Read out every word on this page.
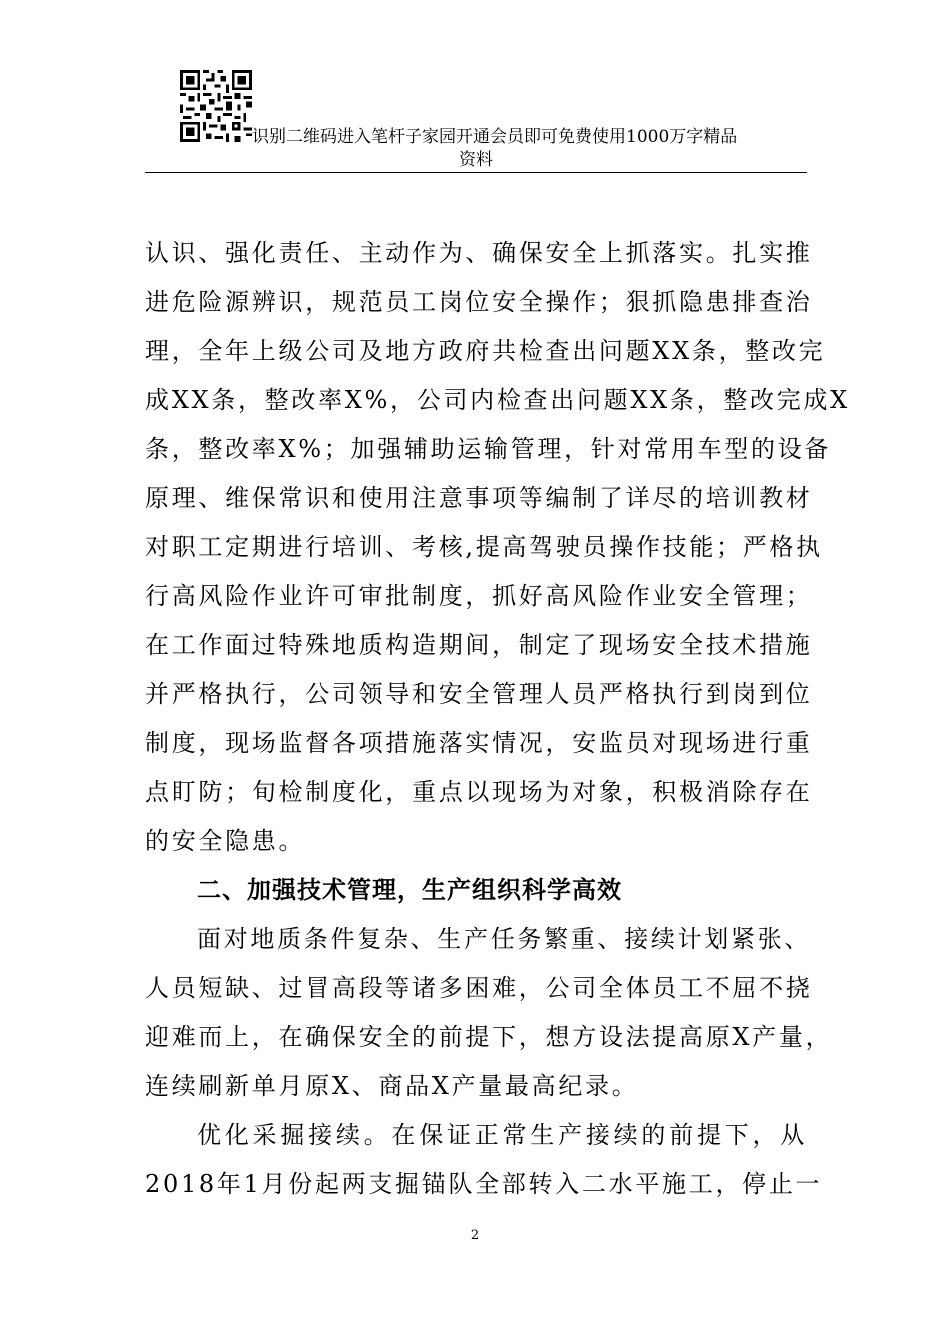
识别二维码进入笔杆子家园开通会员即可免费使用1000万字精品
资料
认识、强化责任、主动作为、确保安全上抓落实。扎实推
进危险源辨识，规范员工岗位安全操作；狠抓隐患排查治
理，全年上级公司及地方政府共检查出问题XX条，整改完
成XX条，整改率X%，公司内检查出问题XX条，整改完成X
条，整改率X%；加强辅助运输管理，针对常用车型的设备
原理、维保常识和使用注意事项等编制了详尽的培训教材
对职工定期进行培训、考核,提高驾驶员操作技能；严格执
行高风险作业许可审批制度，抓好高风险作业安全管理；
在工作面过特殊地质构造期间，制定了现场安全技术措施
并严格执行，公司领导和安全管理人员严格执行到岗到位
制度，现场监督各项措施落实情况，安监员对现场进行重
点盯防；旬检制度化，重点以现场为对象，积极消除存在
的安全隐患。
二、加强技术管理，生产组织科学高效
面对地质条件复杂、生产任务繁重、接续计划紧张、
人员短缺、过冒高段等诸多困难，公司全体员工不屈不挠
迎难而上，在确保安全的前提下，想方设法提高原X产量，
连续刷新单月原X、商品X产量最高纪录。
优化采掘接续。在保证正常生产接续的前提下，从
2018年1月份起两支掘锚队全部转入二水平施工，停止一
2
